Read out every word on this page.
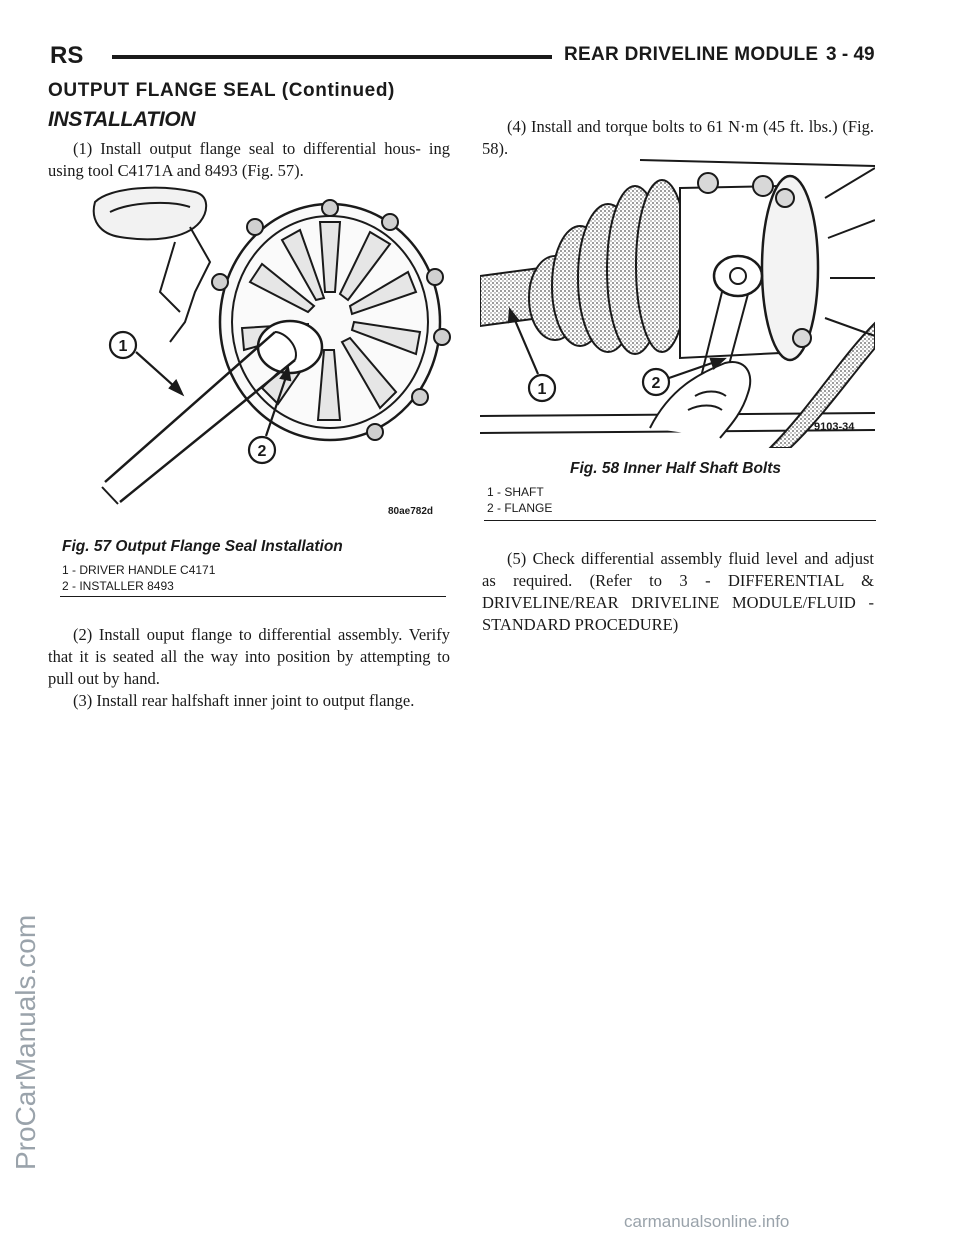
RS	REAR DRIVELINE MODULE 3 - 49
OUTPUT FLANGE SEAL (Continued)
INSTALLATION

(1) Install output flange seal to differential hous- ing using tool C4171A and 8493 (Fig. 57).

1
2
80ae782d
Fig. 57 Output Flange Seal Installation
1 - DRIVER HANDLE C4171
2 - INSTALLER 8493

(2) Install ouput flange to differential assembly. Verify that it is seated all the way into position by attempting to pull out by hand.

(3) Install rear halfshaft inner joint to output flange.

(4) Install and torque bolts to 61 N·m (45 ft. lbs.) (Fig. 58).

1	2
9103-34
Fig. 58 Inner Half Shaft Bolts
1 - SHAFT
2 - FLANGE

(5) Check differential assembly fluid level and adjust as required. (Refer to 3 - DIFFERENTIAL & DRIVELINE/REAR DRIVELINE MODULE/FLUID - STANDARD PROCEDURE)

ProCarManuals.com
carmanualsonline.info
